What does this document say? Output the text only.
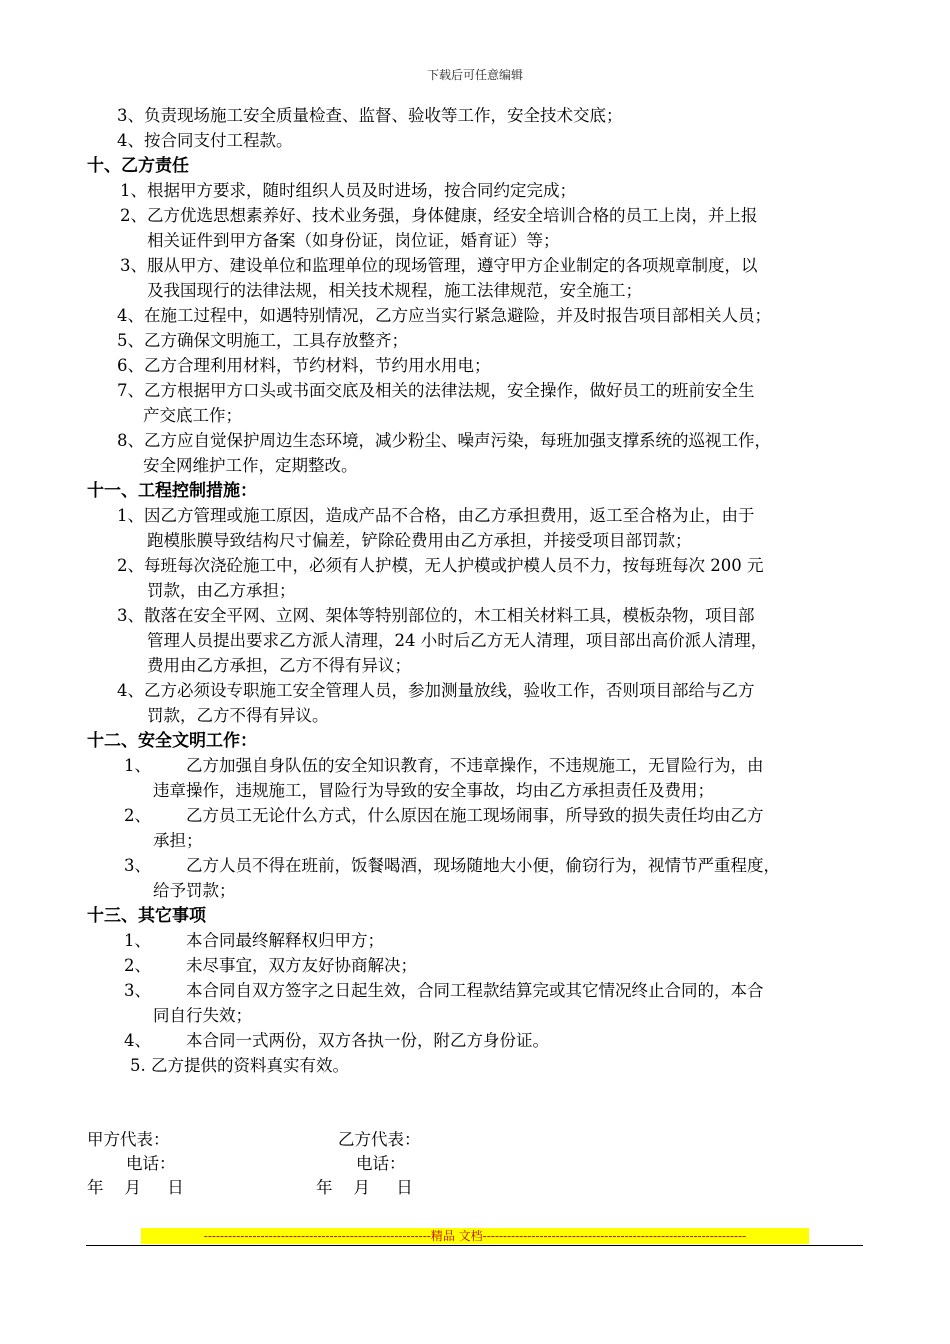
下载后可任意编辑
3、负责现场施工安全质量检查、监督、验收等工作，安全技术交底；
4、按合同支付工程款。
十、乙方责任
1、根据甲方要求，随时组织人员及时进场，按合同约定完成；
2、乙方优选思想素养好、技术业务强，身体健康，经安全培训合格的员工上岗，并上报
相关证件到甲方备案（如身份证，岗位证，婚育证）等；
3、服从甲方、建设单位和监理单位的现场管理，遵守甲方企业制定的各项规章制度，以
及我国现行的法律法规，相关技术规程，施工法律规范，安全施工；
4、在施工过程中，如遇特别情况，乙方应当实行紧急避险，并及时报告项目部相关人员；
5、乙方确保文明施工，工具存放整齐；
6、乙方合理利用材料，节约材料，节约用水用电；
7、乙方根据甲方口头或书面交底及相关的法律法规，安全操作，做好员工的班前安全生
产交底工作；
8、乙方应自觉保护周边生态环境，减少粉尘、噪声污染，每班加强支撑系统的巡视工作，
安全网维护工作，定期整改。
十一、工程控制措施：
1、因乙方管理或施工原因，造成产品不合格，由乙方承担费用，返工至合格为止，由于
跑模胀膜导致结构尺寸偏差，铲除砼费用由乙方承担，并接受项目部罚款；
2、每班每次浇砼施工中，必须有人护模，无人护模或护模人员不力，按每班每次 200 元
罚款，由乙方承担；
3、散落在安全平网、立网、架体等特别部位的，木工相关材料工具，模板杂物，项目部
管理人员提出要求乙方派人清理，24 小时后乙方无人清理，项目部出高价派人清理，
费用由乙方承担，乙方不得有异议；
4、乙方必须设专职施工安全管理人员，参加测量放线，验收工作，否则项目部给与乙方
罚款，乙方不得有异议。
十二、安全文明工作：
1、 乙方加强自身队伍的安全知识教育，不违章操作，不违规施工，无冒险行为，由
违章操作，违规施工，冒险行为导致的安全事故，均由乙方承担责任及费用；
2、 乙方员工无论什么方式，什么原因在施工现场闹事，所导致的损失责任均由乙方
承担；
3、 乙方人员不得在班前，饭餐喝酒，现场随地大小便，偷窃行为，视情节严重程度，
给予罚款；
十三、其它事项
1、 本合同最终解释权归甲方；
2、 未尽事宜，双方友好协商解决；
3、 本合同自双方签字之日起生效，合同工程款结算完或其它情况终止合同的，本合
同自行失效；
4、 本合同一式两份，双方各执一份，附乙方身份证。
5. 乙方提供的资料真实有效。
甲方代表：	乙方代表：
电话：	电话：
年    月     日	年    月     日
--------------------------------------------------------精品 文档-----------------------------------------------------------------
